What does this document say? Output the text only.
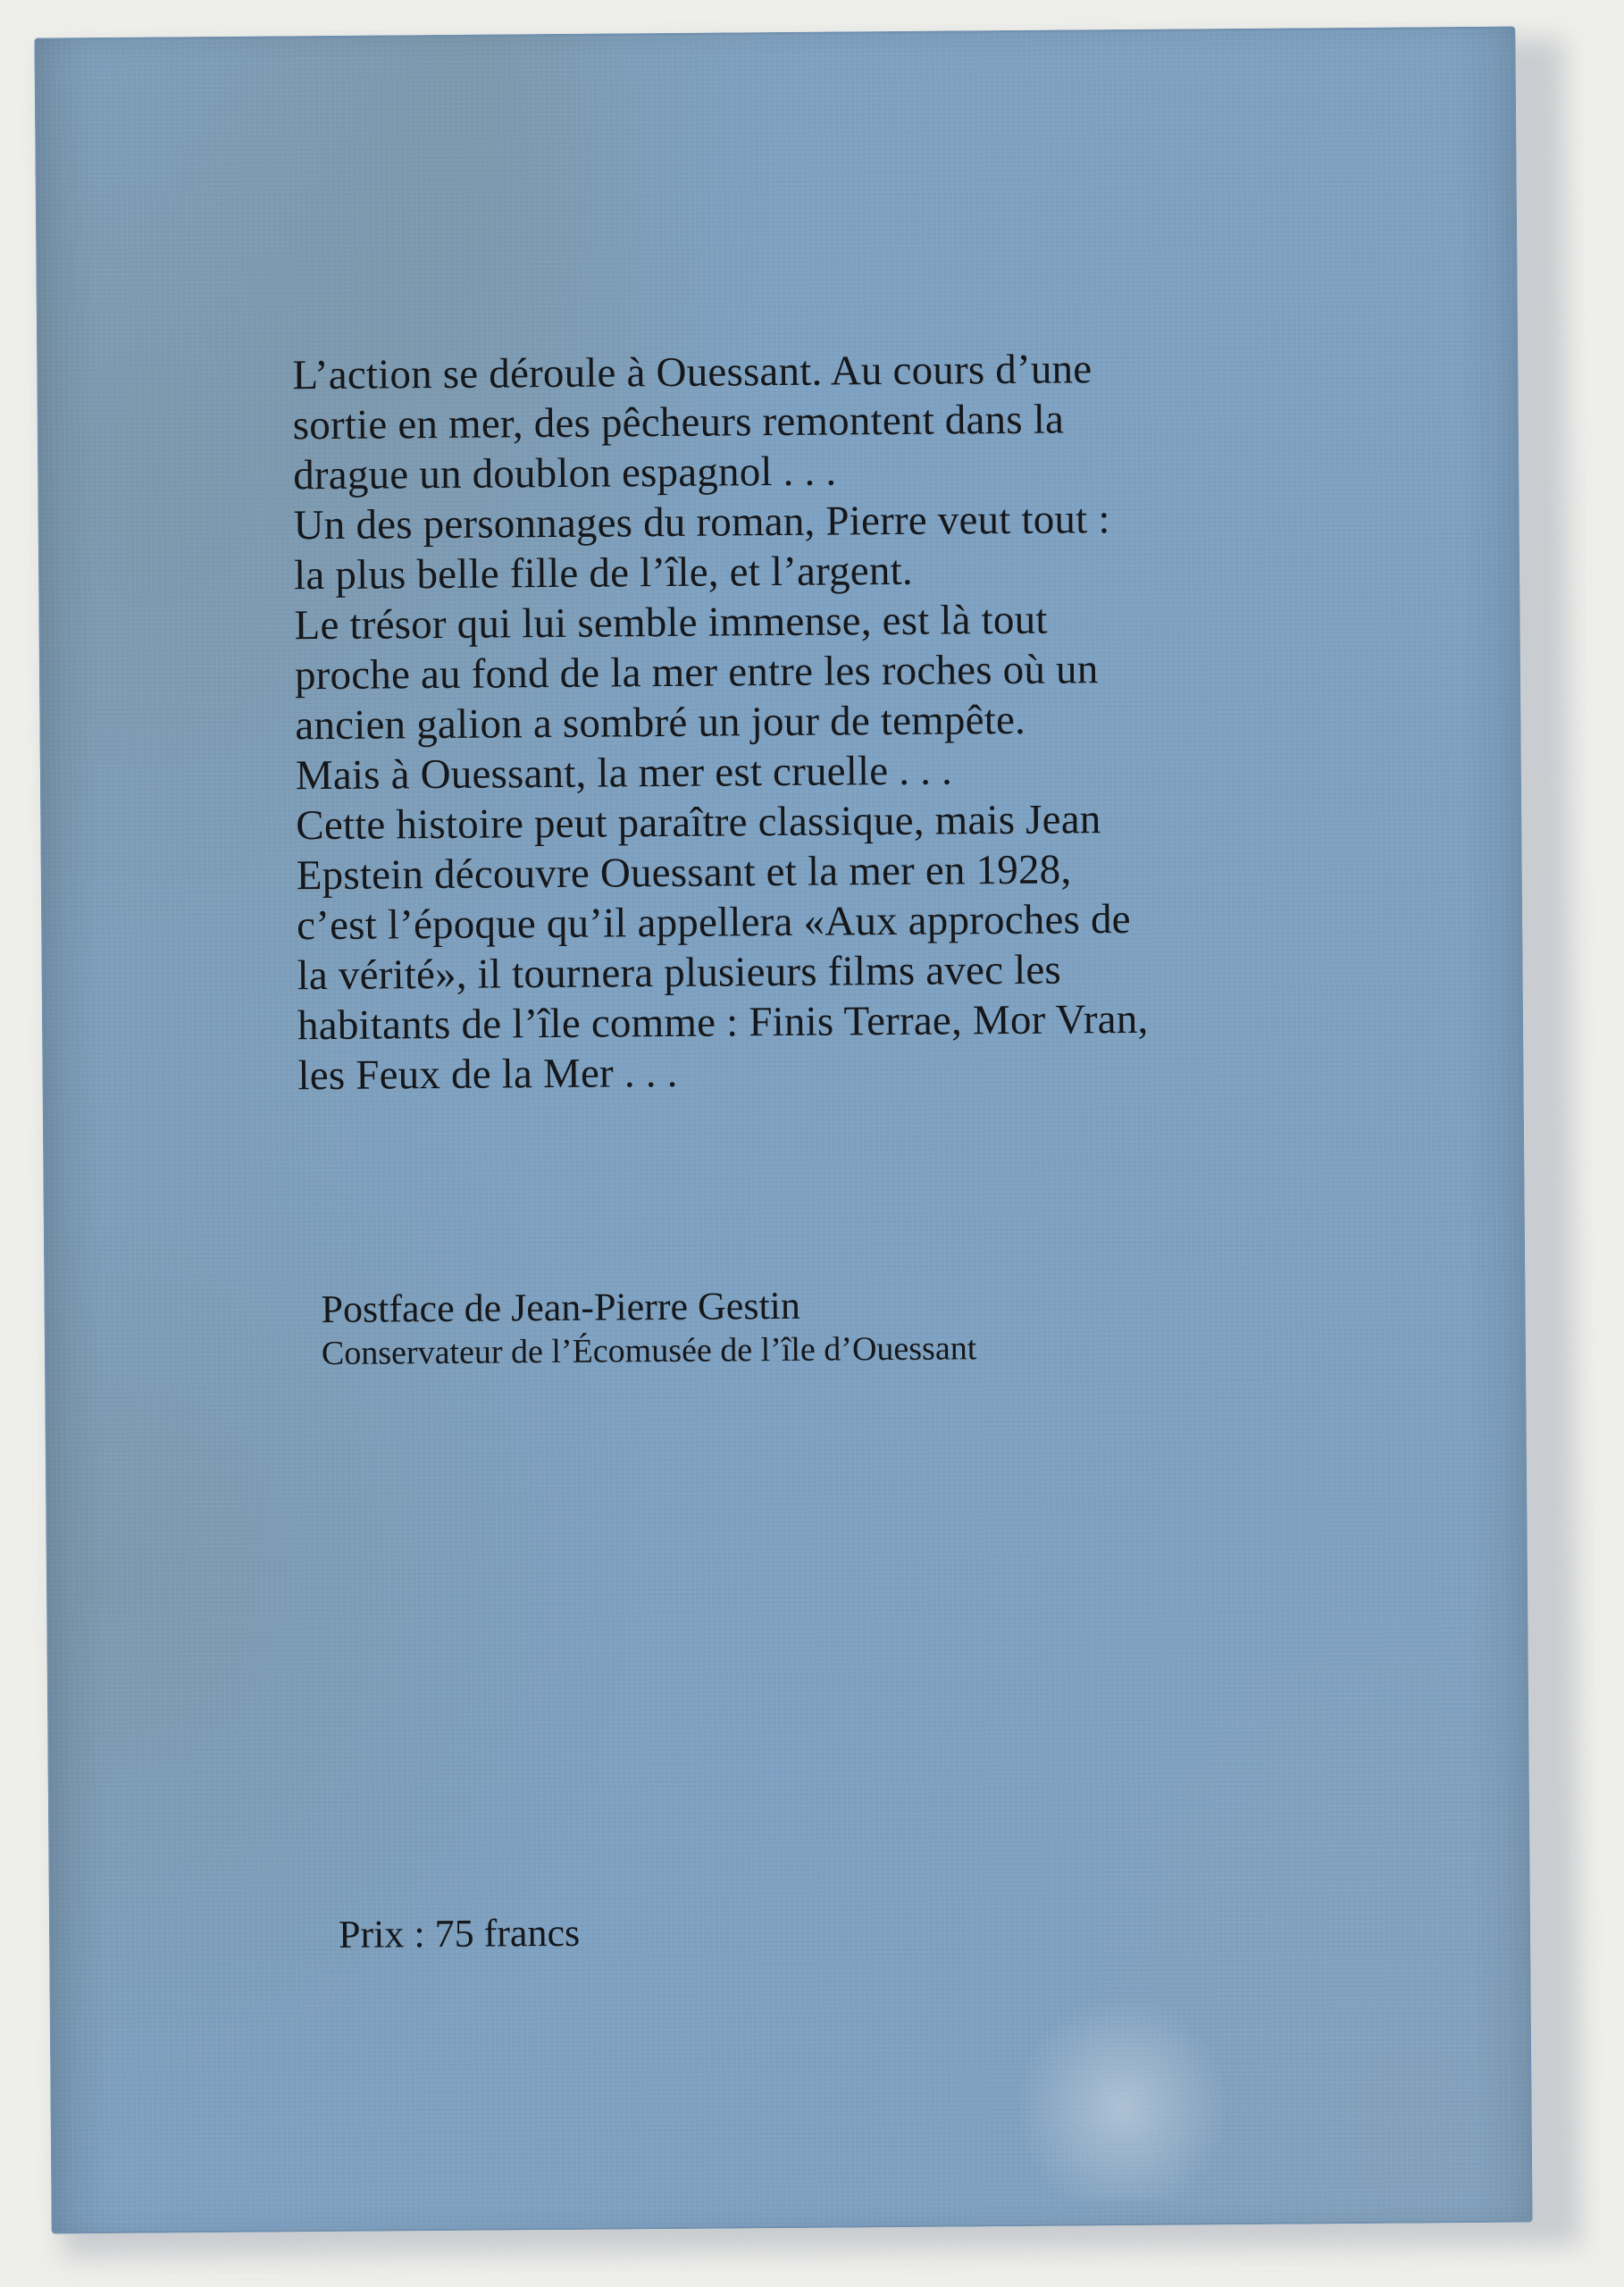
L’action se déroule à Ouessant. Au cours d’une
sortie en mer, des pêcheurs remontent dans la
drague un doublon espagnol . . .

Un des personnages du roman, Pierre veut tout :
la plus belle fille de l’île, et l’argent.

Le trésor qui lui semble immense, est là tout
proche au fond de la mer entre les roches où un
ancien galion a sombré un jour de tempête.

Mais à Ouessant, la mer est cruelle . . .

Cette histoire peut paraître classique, mais Jean
Epstein découvre Ouessant et la mer en 1928,
c’est l’époque qu’il appellera «Aux approches de
la vérité», il tournera plusieurs films avec les
habitants de l’île comme : Finis Terrae, Mor Vran,
les Feux de la Mer . . .

Postface de Jean-Pierre Gestin
Conservateur de l’Écomusée de l’île d’Ouessant
Prix : 75 francs
